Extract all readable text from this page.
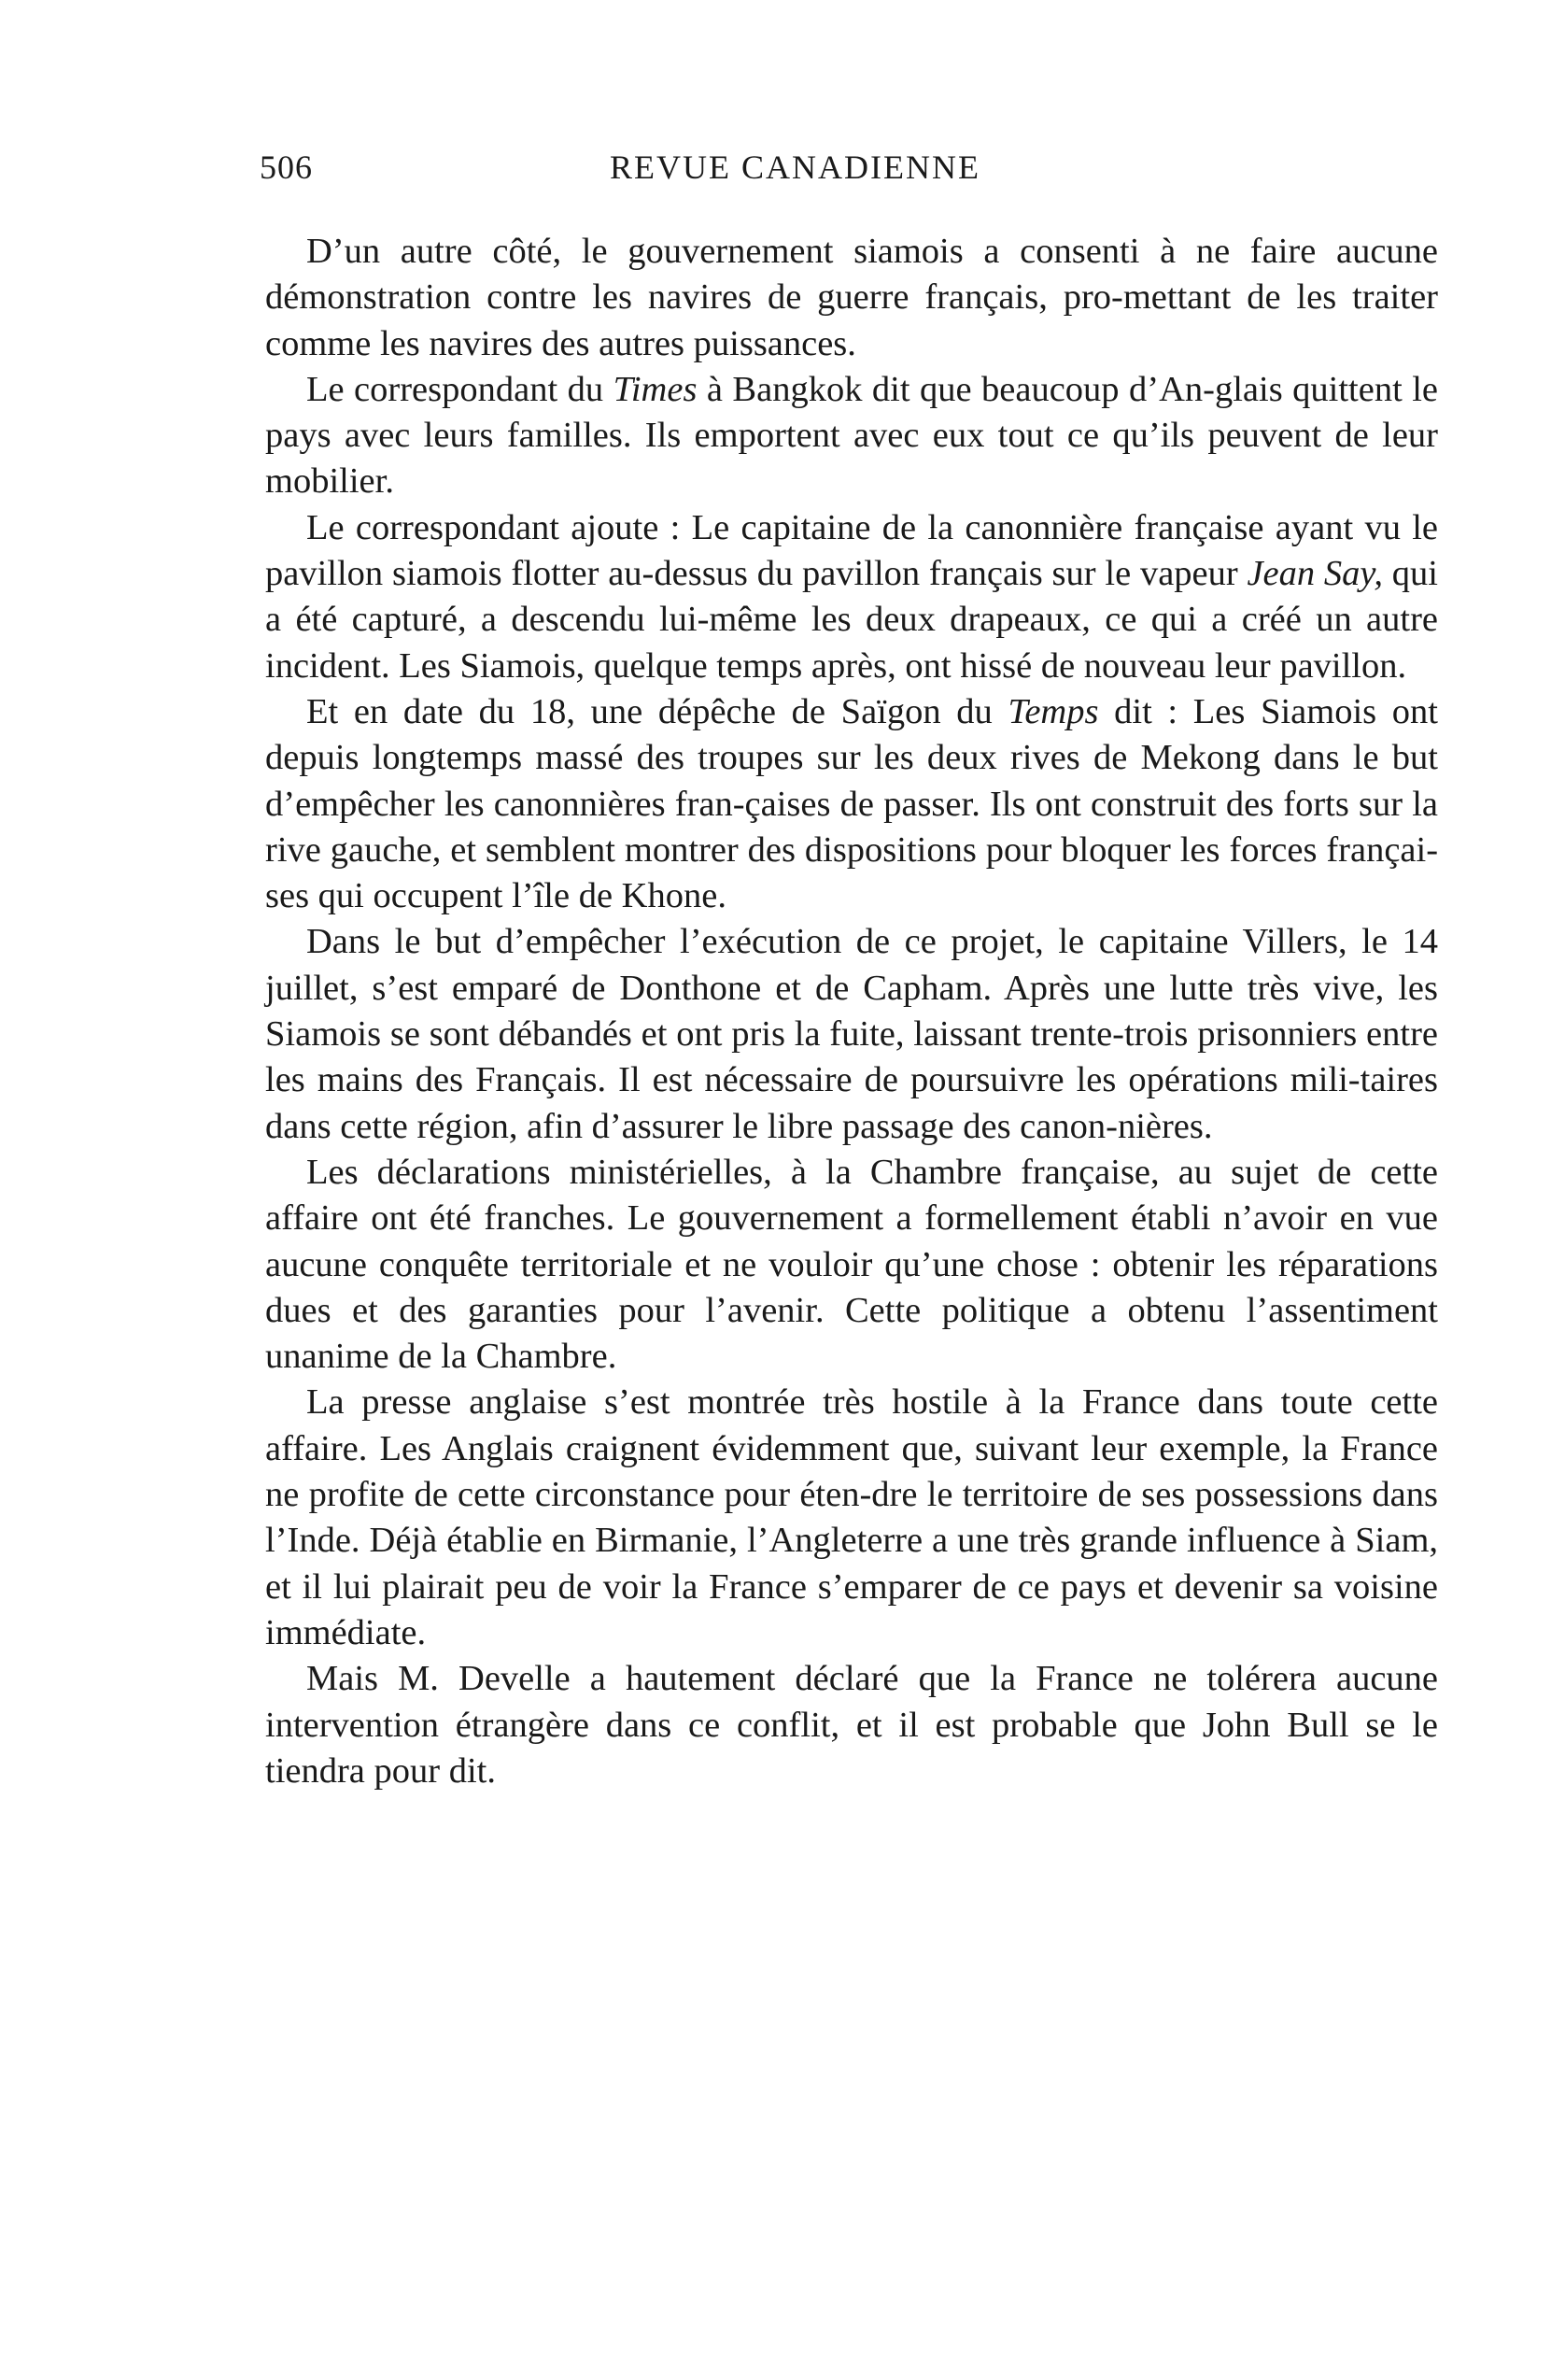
506	REVUE CANADIENNE

D’un autre côté, le gouvernement siamois a consenti à ne faire aucune démonstration contre les navires de guerre français, pro-mettant de les traiter comme les navires des autres puissances.

Le correspondant du Times à Bangkok dit que beaucoup d’An-glais quittent le pays avec leurs familles. Ils emportent avec eux tout ce qu’ils peuvent de leur mobilier.

Le correspondant ajoute : Le capitaine de la canonnière française ayant vu le pavillon siamois flotter au-dessus du pavillon français sur le vapeur Jean Say, qui a été capturé, a descendu lui-même les deux drapeaux, ce qui a créé un autre incident. Les Siamois, quelque temps après, ont hissé de nouveau leur pavillon.

Et en date du 18, une dépêche de Saïgon du Temps dit : Les Siamois ont depuis longtemps massé des troupes sur les deux rives de Mekong dans le but d’empêcher les canonnières fran-çaises de passer. Ils ont construit des forts sur la rive gauche, et semblent montrer des dispositions pour bloquer les forces françai-ses qui occupent l’île de Khone.

Dans le but d’empêcher l’exécution de ce projet, le capitaine Villers, le 14 juillet, s’est emparé de Donthone et de Capham. Après une lutte très vive, les Siamois se sont débandés et ont pris la fuite, laissant trente-trois prisonniers entre les mains des Français. Il est nécessaire de poursuivre les opérations mili-taires dans cette région, afin d’assurer le libre passage des canon-nières.

Les déclarations ministérielles, à la Chambre française, au sujet de cette affaire ont été franches. Le gouvernement a formellement établi n’avoir en vue aucune conquête territoriale et ne vouloir qu’une chose : obtenir les réparations dues et des garanties pour l’avenir. Cette politique a obtenu l’assentiment unanime de la Chambre.

La presse anglaise s’est montrée très hostile à la France dans toute cette affaire. Les Anglais craignent évidemment que, suivant leur exemple, la France ne profite de cette circonstance pour éten-dre le territoire de ses possessions dans l’Inde. Déjà établie en Birmanie, l’Angleterre a une très grande influence à Siam, et il lui plairait peu de voir la France s’emparer de ce pays et devenir sa voisine immédiate.

Mais M. Develle a hautement déclaré que la France ne tolérera aucune intervention étrangère dans ce conflit, et il est probable que John Bull se le tiendra pour dit.
